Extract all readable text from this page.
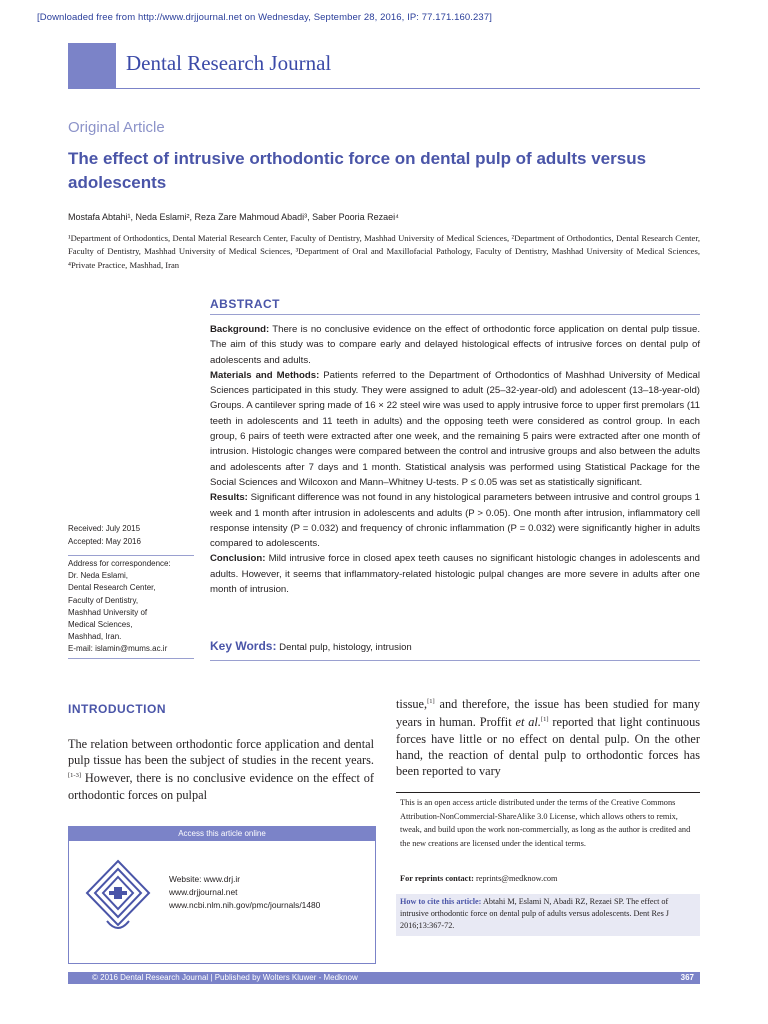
[Downloaded free from http://www.drjjournal.net on Wednesday, September 28, 2016, IP: 77.171.160.237]
Dental Research Journal
Original Article
The effect of intrusive orthodontic force on dental pulp of adults versus adolescents
Mostafa Abtahi¹, Neda Eslami², Reza Zare Mahmoud Abadi³, Saber Pooria Rezaei⁴
¹Department of Orthodontics, Dental Material Research Center, Faculty of Dentistry, Mashhad University of Medical Sciences, ²Department of Orthodontics, Dental Research Center, Faculty of Dentistry, Mashhad University of Medical Sciences, ³Department of Oral and Maxillofacial Pathology, Faculty of Dentistry, Mashhad University of Medical Sciences, ⁴Private Practice, Mashhad, Iran
ABSTRACT

Background: There is no conclusive evidence on the effect of orthodontic force application on dental pulp tissue. The aim of this study was to compare early and delayed histological effects of intrusive forces on dental pulp of adolescents and adults.

Materials and Methods: Patients referred to the Department of Orthodontics of Mashhad University of Medical Sciences participated in this study. They were assigned to adult (25–32-year-old) and adolescent (13–18-year-old) Groups. A cantilever spring made of 16 × 22 steel wire was used to apply intrusive force to upper first premolars (11 teeth in adolescents and 11 teeth in adults) and the opposing teeth were considered as control group. In each group, 6 pairs of teeth were extracted after one week, and the remaining 5 pairs were extracted after one month of intrusion. Histologic changes were compared between the control and intrusive groups and also between the adults and adolescents after 7 days and 1 month. Statistical analysis was performed using Statistical Package for the Social Sciences and Wilcoxon and Mann–Whitney U-tests. P ≤ 0.05 was set as statistically significant.

Results: Significant difference was not found in any histological parameters between intrusive and control groups 1 week and 1 month after intrusion in adolescents and adults (P > 0.05). One month after intrusion, inflammatory cell response intensity (P = 0.032) and frequency of chronic inflammation (P = 0.032) were significantly higher in adults compared to adolescents.

Conclusion: Mild intrusive force in closed apex teeth causes no significant histologic changes in adolescents and adults. However, it seems that inflammatory-related histologic pulpal changes are more severe in adults after one month of intrusion.

Received: July 2015
Accepted: May 2016
Address for correspondence:
Dr. Neda Eslami,
Dental Research Center,
Faculty of Dentistry,
Mashhad University of
Medical Sciences,
Mashhad, Iran.
E-mail: islamin@mums.ac.ir	Key Words: Dental pulp, histology, intrusion
INTRODUCTION
The relation between orthodontic force application and dental pulp tissue has been the subject of studies in the recent years.[1-3] However, there is no conclusive evidence on the effect of orthodontic forces on pulpal
tissue,[1] and therefore, the issue has been studied for many years in human. Proffit et al.[1] reported that light continuous forces have little or no effect on dental pulp. On the other hand, the reaction of dental pulp to orthodontic forces has been reported to vary
Access this article online
Website: www.drj.ir
www.drjjournal.net
www.ncbi.nlm.nih.gov/pmc/journals/1480
This is an open access article distributed under the terms of the Creative Commons Attribution-NonCommercial-ShareAlike 3.0 License, which allows others to remix, tweak, and build upon the work non-commercially, as long as the author is credited and the new creations are licensed under the identical terms.
For reprints contact: reprints@medknow.com
How to cite this article: Abtahi M, Eslami N, Abadi RZ, Rezaei SP. The effect of intrusive orthodontic force on dental pulp of adults versus adolescents. Dent Res J 2016;13:367-72.
© 2016 Dental Research Journal | Published by Wolters Kluwer - Medknow	367
